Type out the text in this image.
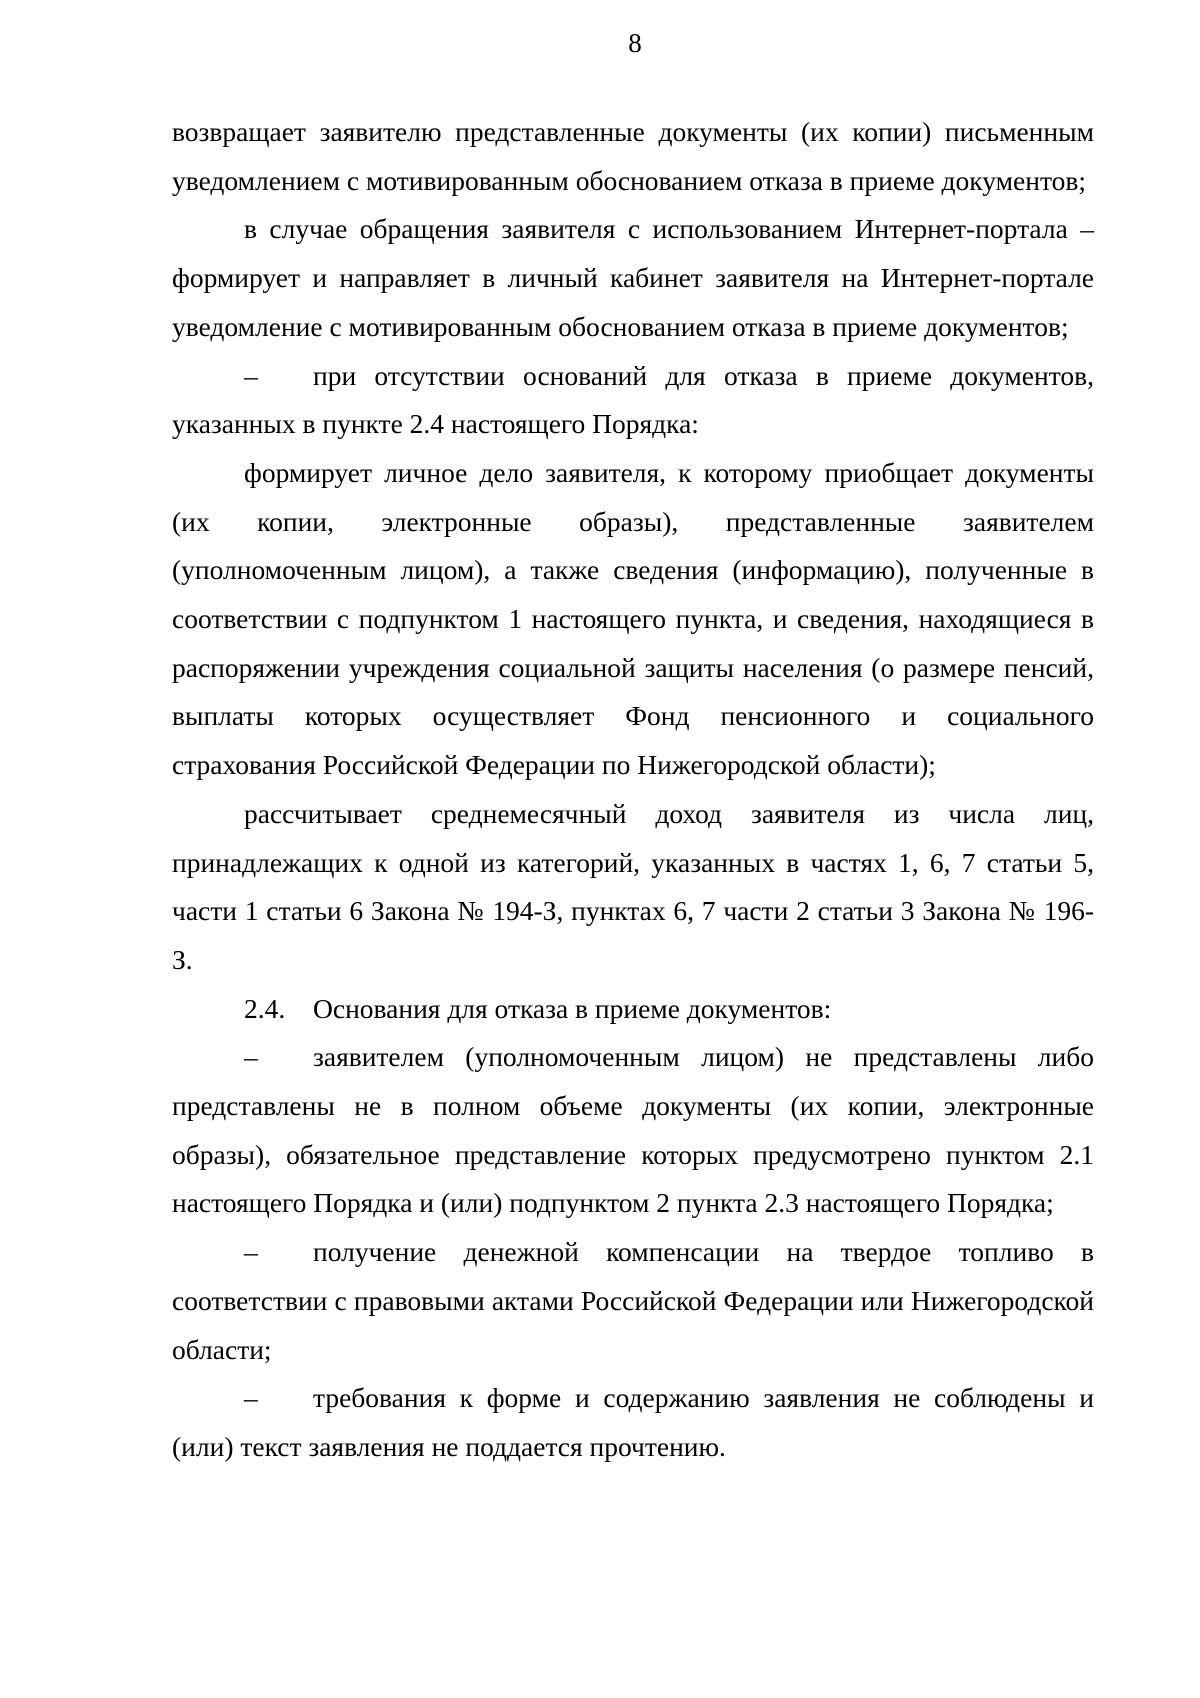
8

возвращает заявителю представленные документы (их копии) письменным уведомлением с мотивированным обоснованием отказа в приеме документов;

в случае обращения заявителя с использованием Интернет-портала – формирует и направляет в личный кабинет заявителя на Интернет-портале уведомление с мотивированным обоснованием отказа в приеме документов;

– при отсутствии оснований для отказа в приеме документов, указанных в пункте 2.4 настоящего Порядка:

формирует личное дело заявителя, к которому приобщает документы (их копии, электронные образы), представленные заявителем (уполномоченным лицом), а также сведения (информацию), полученные в соответствии с подпунктом 1 настоящего пункта, и сведения, находящиеся в распоряжении учреждения социальной защиты населения (о размере пенсий, выплаты которых осуществляет Фонд пенсионного и социального страхования Российской Федерации по Нижегородской области);

рассчитывает среднемесячный доход заявителя из числа лиц, принадлежащих к одной из категорий, указанных в частях 1, 6, 7 статьи 5, части 1 статьи 6 Закона № 194-З, пунктах 6, 7 части 2 статьи 3 Закона № 196-З.

2.4. Основания для отказа в приеме документов:

– заявителем (уполномоченным лицом) не представлены либо представлены не в полном объеме документы (их копии, электронные образы), обязательное представление которых предусмотрено пунктом 2.1 настоящего Порядка и (или) подпунктом 2 пункта 2.3 настоящего Порядка;

– получение денежной компенсации на твердое топливо в соответствии с правовыми актами Российской Федерации или Нижегородской области;

– требования к форме и содержанию заявления не соблюдены и (или) текст заявления не поддается прочтению.
